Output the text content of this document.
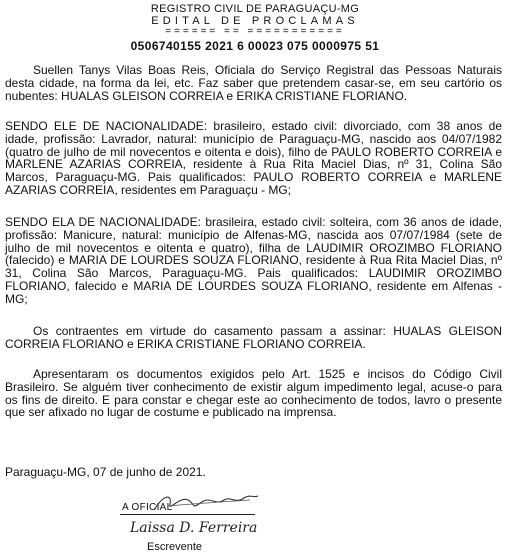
REGISTRO CIVIL DE PARAGUAÇU-MG
EDITAL DE PROCLAMAS
====== == ===========
0506740155 2021 6 00023 075 0000975 51

Suellen Tanys Vilas Boas Reis, Oficiala do Serviço Registral das Pessoas Naturais desta cidade, na forma da lei, etc. Faz saber que pretendem casar-se, em seu cartório os nubentes: HUALAS GLEISON CORREIA e ERIKA CRISTIANE FLORIANO.

SENDO ELE DE NACIONALIDADE: brasileiro, estado civil: divorciado, com 38 anos de idade, profissão: Lavrador, natural: município de Paraguaçu-MG, nascido aos 04/07/1982 (quatro de julho de mil novecentos e oitenta e dois), filho de PAULO ROBERTO CORREIA e MARLENE AZARIAS CORREIA, residente à Rua Rita Maciel Dias, nº 31, Colina São Marcos, Paraguaçu-MG. Pais qualificados: PAULO ROBERTO CORREIA e MARLENE AZARIAS CORREIA, residentes em Paraguaçu - MG;

SENDO ELA DE NACIONALIDADE: brasileira, estado civil: solteira, com 36 anos de idade, profissão: Manicure, natural: município de Alfenas-MG, nascida aos 07/07/1984 (sete de julho de mil novecentos e oitenta e quatro), filha de LAUDIMIR OROZIMBO FLORIANO (falecido) e MARIA DE LOURDES SOUZA FLORIANO, residente à Rua Rita Maciel Dias, nº 31, Colina São Marcos, Paraguaçu-MG. Pais qualificados: LAUDIMIR OROZIMBO FLORIANO, falecido e MARIA DE LOURDES SOUZA FLORIANO, residente em Alfenas - MG;

Os contraentes em virtude do casamento passam a assinar: HUALAS GLEISON CORREIA FLORIANO e ERIKA CRISTIANE FLORIANO CORREIA.

Apresentaram os documentos exigidos pelo Art. 1525 e incisos do Código Civil Brasileiro. Se alguém tiver conhecimento de existir algum impedimento legal, acuse-o para os fins de direito. E para constar e chegar este ao conhecimento de todos, lavro o presente que ser afixado no lugar de costume e publicado na imprensa.

Paraguaçu-MG, 07 de junho de 2021.
A OFICIAL
Laissa D. Ferreira
Escrevente
